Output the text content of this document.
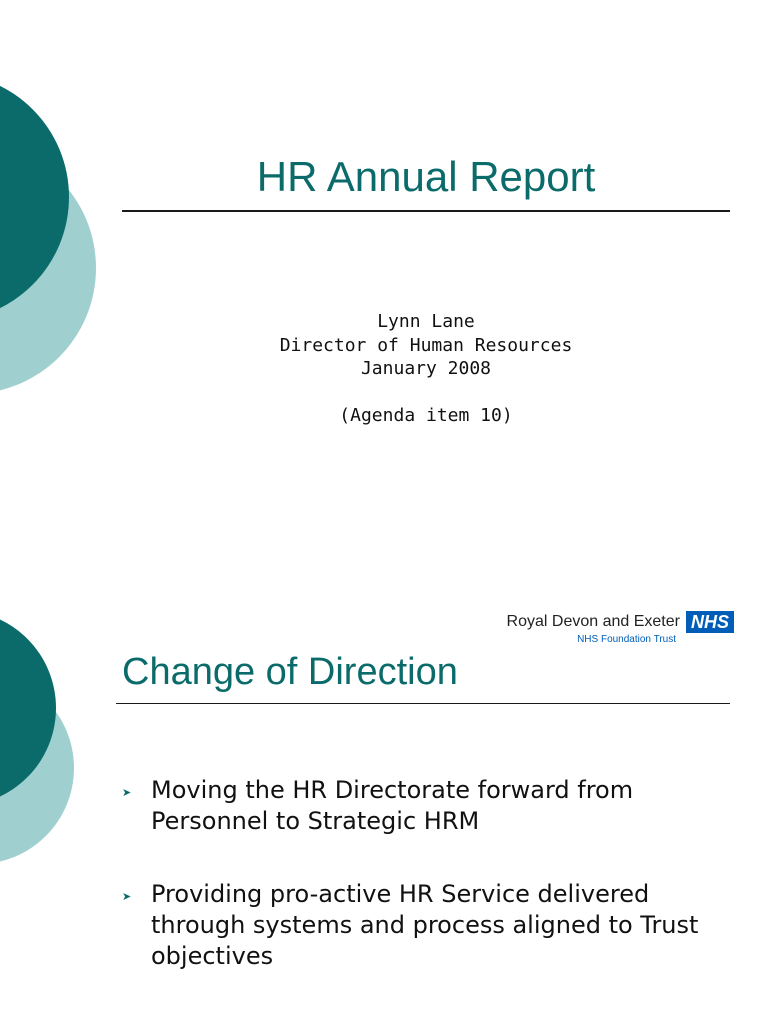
HR Annual Report
Lynn Lane
Director of Human Resources
January 2008
(Agenda item 10)
Royal Devon and Exeter NHS
NHS Foundation Trust
Change of Direction
➤ Moving the HR Directorate forward from Personnel to Strategic HRM
➤ Providing pro-active HR Service delivered through systems and process aligned to Trust objectives
